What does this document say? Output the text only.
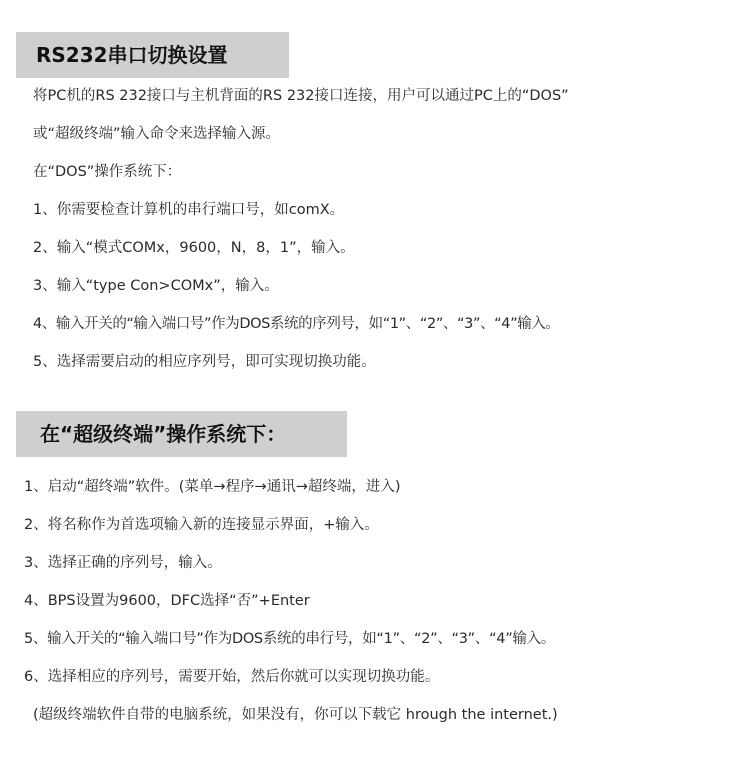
RS232串口切换设置
将PC机的RS 232接口与主机背面的RS 232接口连接，用户可以通过PC上的“DOS”
或“超级终端”输入命令来选择输入源。
在“DOS”操作系统下：
1、你需要检查计算机的串行端口号，如comX。
2、输入“模式COMx，9600，N，8，1”，输入。
3、输入“type Con>COMx”，输入。
4、输入开关的“输入端口号”作为DOS系统的序列号，如“1”、“2”、“3”、“4”输入。
5、选择需要启动的相应序列号，即可实现切换功能。
在“超级终端”操作系统下：
1、启动“超终端”软件。(菜单→程序→通讯→超终端，进入)
2、将名称作为首选项输入新的连接显示界面，+输入。
3、选择正确的序列号，输入。
4、BPS设置为9600，DFC选择“否”+Enter
5、输入开关的“输入端口号”作为DOS系统的串行号，如“1”、“2”、“3”、“4”输入。
6、选择相应的序列号，需要开始，然后你就可以实现切换功能。
(超级终端软件自带的电脑系统，如果没有，你可以下载它 hrough the internet.)
